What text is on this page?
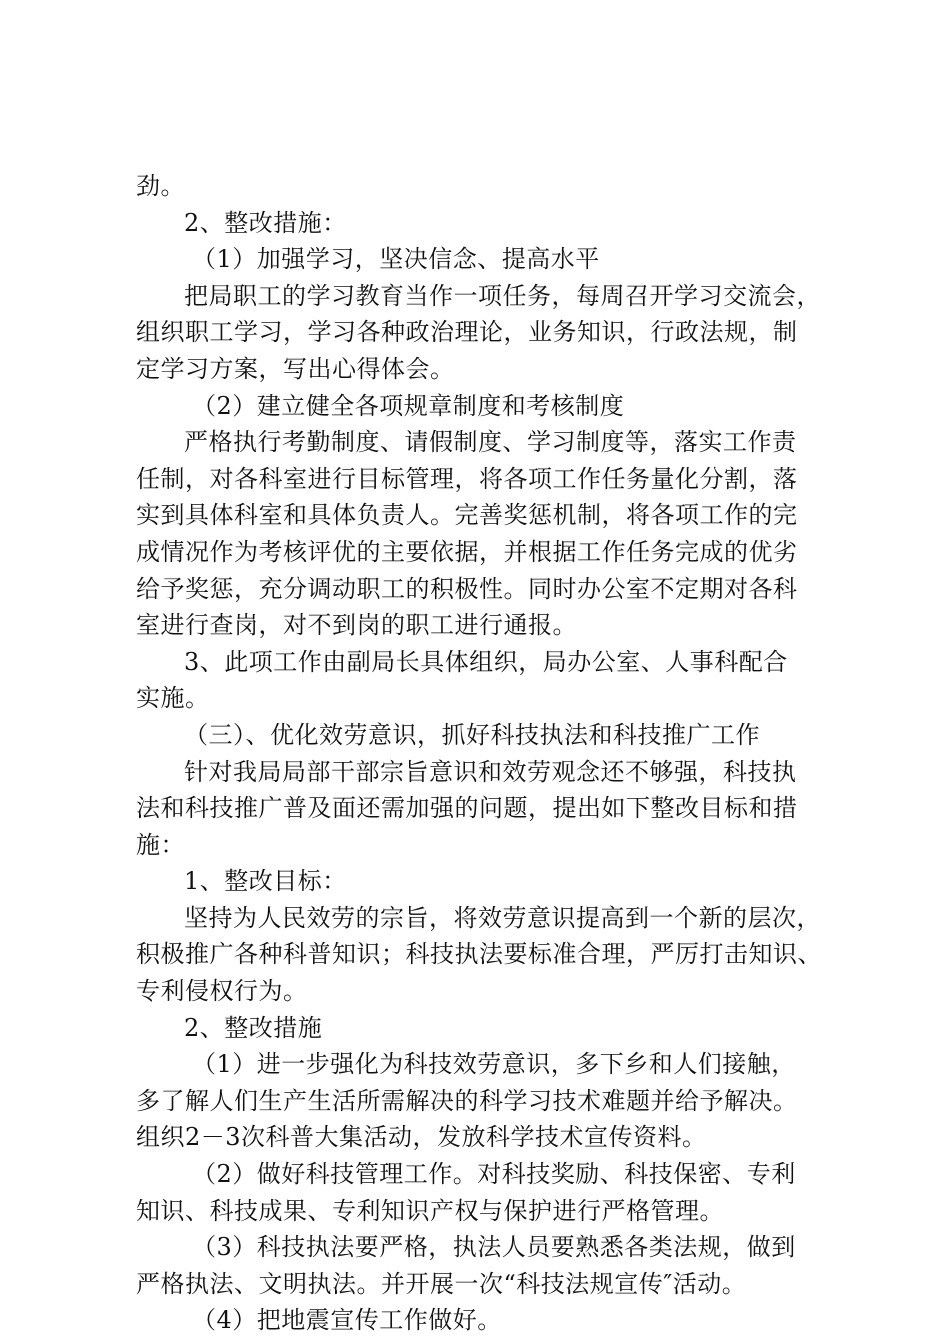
劲。
2、整改措施：
（1）加强学习，坚决信念、提高水平
把局职工的学习教育当作一项任务，每周召开学习交流会，
组织职工学习，学习各种政治理论，业务知识，行政法规，制
定学习方案，写出心得体会。
（2）建立健全各项规章制度和考核制度
严格执行考勤制度、请假制度、学习制度等，落实工作责
任制，对各科室进行目标管理，将各项工作任务量化分割，落
实到具体科室和具体负责人。完善奖惩机制，将各项工作的完
成情况作为考核评优的主要依据，并根据工作任务完成的优劣
给予奖惩，充分调动职工的积极性。同时办公室不定期对各科
室进行查岗，对不到岗的职工进行通报。
3、此项工作由副局长具体组织，局办公室、人事科配合
实施。
（三）、优化效劳意识，抓好科技执法和科技推广工作
针对我局局部干部宗旨意识和效劳观念还不够强，科技执
法和科技推广普及面还需加强的问题，提出如下整改目标和措
施：
1、整改目标：
坚持为人民效劳的宗旨，将效劳意识提高到一个新的层次，
积极推广各种科普知识；科技执法要标准合理，严厉打击知识、
专利侵权行为。
2、整改措施
（1）进一步强化为科技效劳意识，多下乡和人们接触，
多了解人们生产生活所需解决的科学习技术难题并给予解决。
组织2－3次科普大集活动，发放科学技术宣传资料。
（2）做好科技管理工作。对科技奖励、科技保密、专利
知识、科技成果、专利知识产权与保护进行严格管理。
（3）科技执法要严格，执法人员要熟悉各类法规，做到
严格执法、文明执法。并开展一次“科技法规宣传″活动。
（4）把地震宣传工作做好。
